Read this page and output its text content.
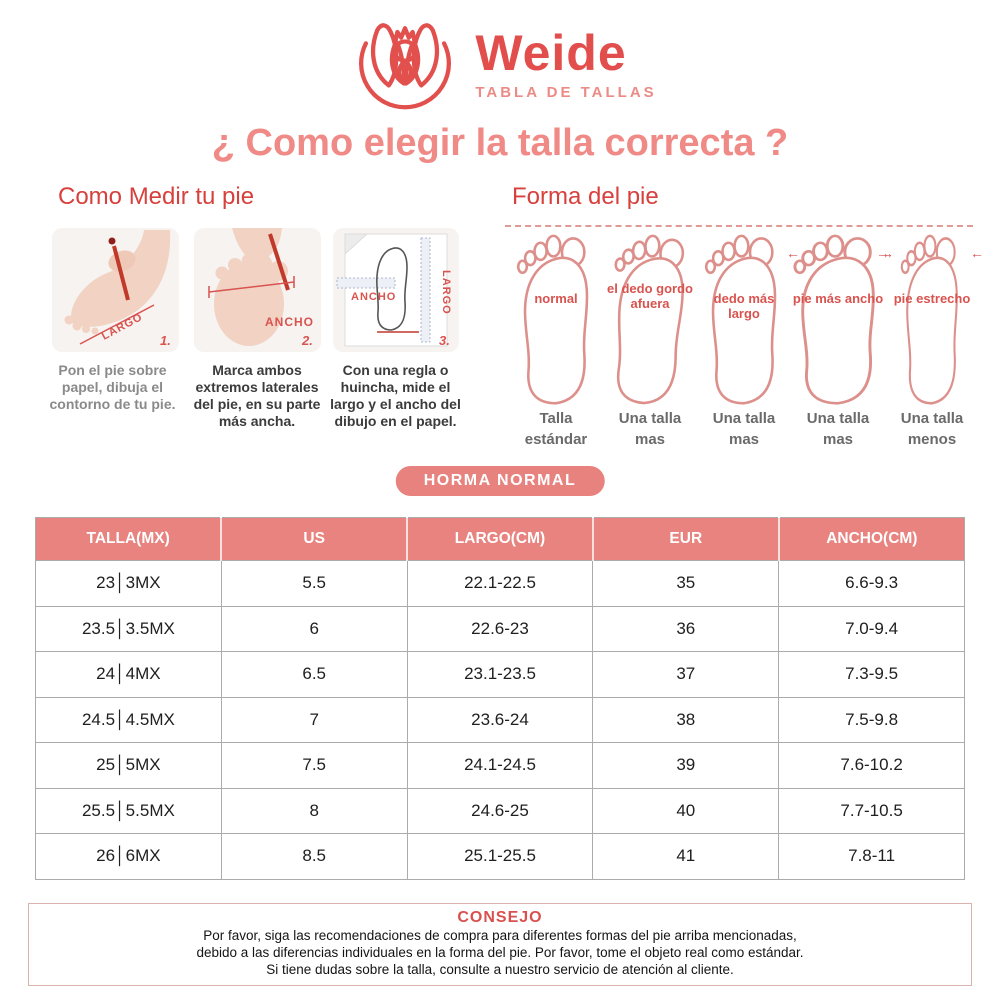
Weide
TABLA DE TALLAS
¿ Como elegir la talla correcta ?
Como Medir tu pie	Forma del pie
LARGO 1.
ANCHO
2.
ANCHO	LARGO
3.
Pon el pie sobre papel, dibuja el contorno de tu pie.
Marca ambos extremos laterales del pie, en su parte más ancha.
Con una regla o huincha, mide el largo y el ancho del dibujo en el papel.
normal
el dedo gordo afuera	dedo más largo
pie más ancho
←
→ pie estrecho
→
←
Talla estándar
Una talla mas
Una talla mas
Una talla mas
Una talla menos
HORMA NORMAL
TALLA(MX)	US	LARGO(CM)	EUR	ANCHO(CM)
23│3MX	5.5	22.1-22.5	35	6.6-9.3
23.5│3.5MX	6	22.6-23	36	7.0-9.4
24│4MX	6.5	23.1-23.5	37	7.3-9.5
24.5│4.5MX	7	23.6-24	38	7.5-9.8
25│5MX	7.5	24.1-24.5	39	7.6-10.2
25.5│5.5MX	8	24.6-25	40	7.7-10.5
26│6MX	8.5	25.1-25.5	41	7.8-11
CONSEJO
Por favor, siga las recomendaciones de compra para diferentes formas del pie arriba mencionadas,
debido a las diferencias individuales en la forma del pie. Por favor, tome el objeto real como estándar.
Si tiene dudas sobre la talla, consulte a nuestro servicio de atención al cliente.
